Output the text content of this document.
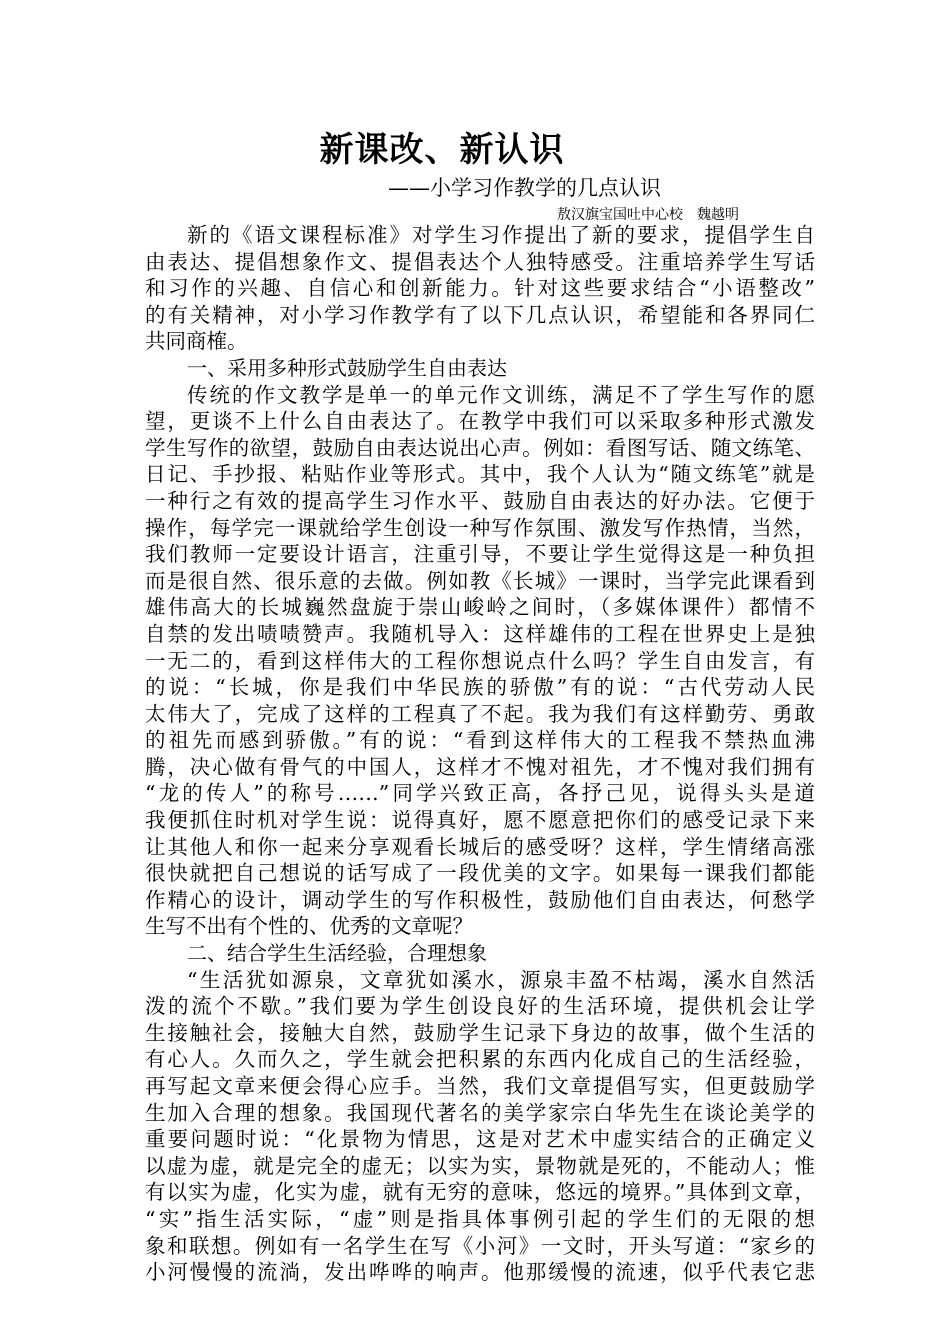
新课改、新认识
——小学习作教学的几点认识
敖汉旗宝国吐中心校　魏越明
新的《语文课程标准》对学生习作提出了新的要求，提倡学生自
由表达、提倡想象作文、提倡表达个人独特感受。注重培养学生写话
和习作的兴趣、自信心和创新能力。针对这些要求结合“小语整改”
的有关精神，对小学习作教学有了以下几点认识，希望能和各界同仁
共同商榷。
一、采用多种形式鼓励学生自由表达
传统的作文教学是单一的单元作文训练，满足不了学生写作的愿
望，更谈不上什么自由表达了。在教学中我们可以采取多种形式激发
学生写作的欲望，鼓励自由表达说出心声。例如：看图写话、随文练笔、
日记、手抄报、粘贴作业等形式。其中，我个人认为“随文练笔”就是
一种行之有效的提高学生习作水平、鼓励自由表达的好办法。它便于
操作，每学完一课就给学生创设一种写作氛围、激发写作热情，当然，
我们教师一定要设计语言，注重引导，不要让学生觉得这是一种负担
而是很自然、很乐意的去做。例如教《长城》一课时，当学完此课看到
雄伟高大的长城巍然盘旋于崇山峻岭之间时，（多媒体课件）都情不
自禁的发出啧啧赞声。我随机导入：这样雄伟的工程在世界史上是独
一无二的，看到这样伟大的工程你想说点什么吗？学生自由发言，有
的说：“长城，你是我们中华民族的骄傲”有的说：“古代劳动人民
太伟大了，完成了这样的工程真了不起。我为我们有这样勤劳、勇敢
的祖先而感到骄傲。”有的说：“看到这样伟大的工程我不禁热血沸
腾，决心做有骨气的中国人，这样才不愧对祖先，才不愧对我们拥有
“龙的传人”的称号……”同学兴致正高，各抒己见，说得头头是道
我便抓住时机对学生说：说得真好，愿不愿意把你们的感受记录下来
让其他人和你一起来分享观看长城后的感受呀？这样，学生情绪高涨
很快就把自己想说的话写成了一段优美的文字。如果每一课我们都能
作精心的设计，调动学生的写作积极性，鼓励他们自由表达，何愁学
生写不出有个性的、优秀的文章呢？
二、结合学生生活经验，合理想象
“生活犹如源泉，文章犹如溪水，源泉丰盈不枯竭，溪水自然活
泼的流个不歇。”我们要为学生创设良好的生活环境，提供机会让学
生接触社会，接触大自然，鼓励学生记录下身边的故事，做个生活的
有心人。久而久之，学生就会把积累的东西内化成自己的生活经验，
再写起文章来便会得心应手。当然，我们文章提倡写实，但更鼓励学
生加入合理的想象。我国现代著名的美学家宗白华先生在谈论美学的
重要问题时说：“化景物为情思，这是对艺术中虚实结合的正确定义
以虚为虚，就是完全的虚无；以实为实，景物就是死的，不能动人；惟
有以实为虚，化实为虚，就有无穷的意味，悠远的境界。”具体到文章，
“实”指生活实际，“虚”则是指具体事例引起的学生们的无限的想
象和联想。例如有一名学生在写《小河》一文时，开头写道：“家乡的
小河慢慢的流淌，发出哗哗的响声。他那缓慢的流速，似乎代表它悲
